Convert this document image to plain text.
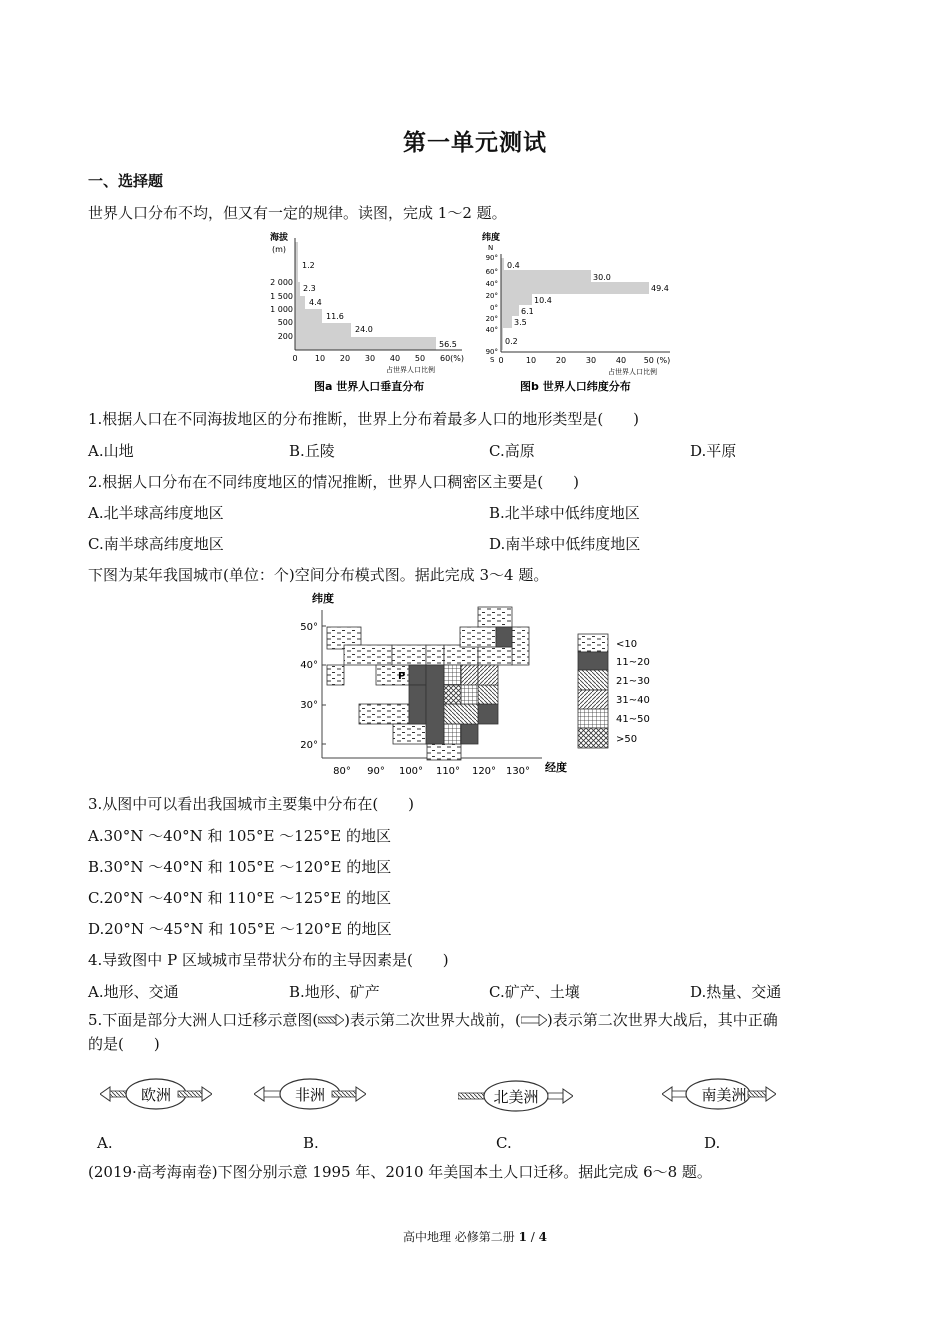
第一单元测试
一、选择题
世界人口分布不均，但又有一定的规律。读图，完成 1～2 题。
海拔
(m)
2 000
1 500
1 000
500
200
1.2
2.3
4.4
11.6
24.0
56.5
0 10 20 30 40 50 60(%)
占世界人口比例
图a 世界人口垂直分布
纬度
N
90°
60°
40°
20°
0°
20°
40°
90°
S
0.4
30.0
49.4
10.4
6.1
3.5
0.2
0	10 20 30 40 50 (%)
占世界人口比例
图b 世界人口纬度分布
1.根据人口在不同海拔地区的分布推断，世界上分布着最多人口的地形类型是( )
A.山地	B.丘陵	C.高原	D.平原
2.根据人口分布在不同纬度地区的情况推断，世界人口稠密区主要是( )
A.北半球高纬度地区	B.北半球中低纬度地区
C.南半球高纬度地区	D.南半球中低纬度地区
下图为某年我国城市(单位：个)空间分布模式图。据此完成 3～4 题。
纬度
50°
40°
30°
20°
P
80° 90° 100° 110° 120° 130° 经度
<10
11~20
21~30
31~40
41~50
>50
3.从图中可以看出我国城市主要集中分布在( )
A.30°N ～40°N 和 105°E ～125°E 的地区
B.30°N ～40°N 和 105°E ～120°E 的地区
C.20°N ～40°N 和 110°E ～125°E 的地区
D.20°N ～45°N 和 105°E ～120°E 的地区
4.导致图中 P 区域城市呈带状分布的主导因素是( )
A.地形、交通	B.地形、矿产	C.矿产、土壤	D.热量、交通
5.下面是部分大洲人口迁移示意图( )表示第二次世界大战前，( )表示第二次世界大战后，其中正确
的是( )
欧洲	非洲	北美洲	南美洲
A.	B.	C.	D.
(2019·高考海南卷)下图分别示意 1995 年、2010 年美国本土人口迁移。据此完成 6～8 题。
高中地理 必修第二册 1 / 4
